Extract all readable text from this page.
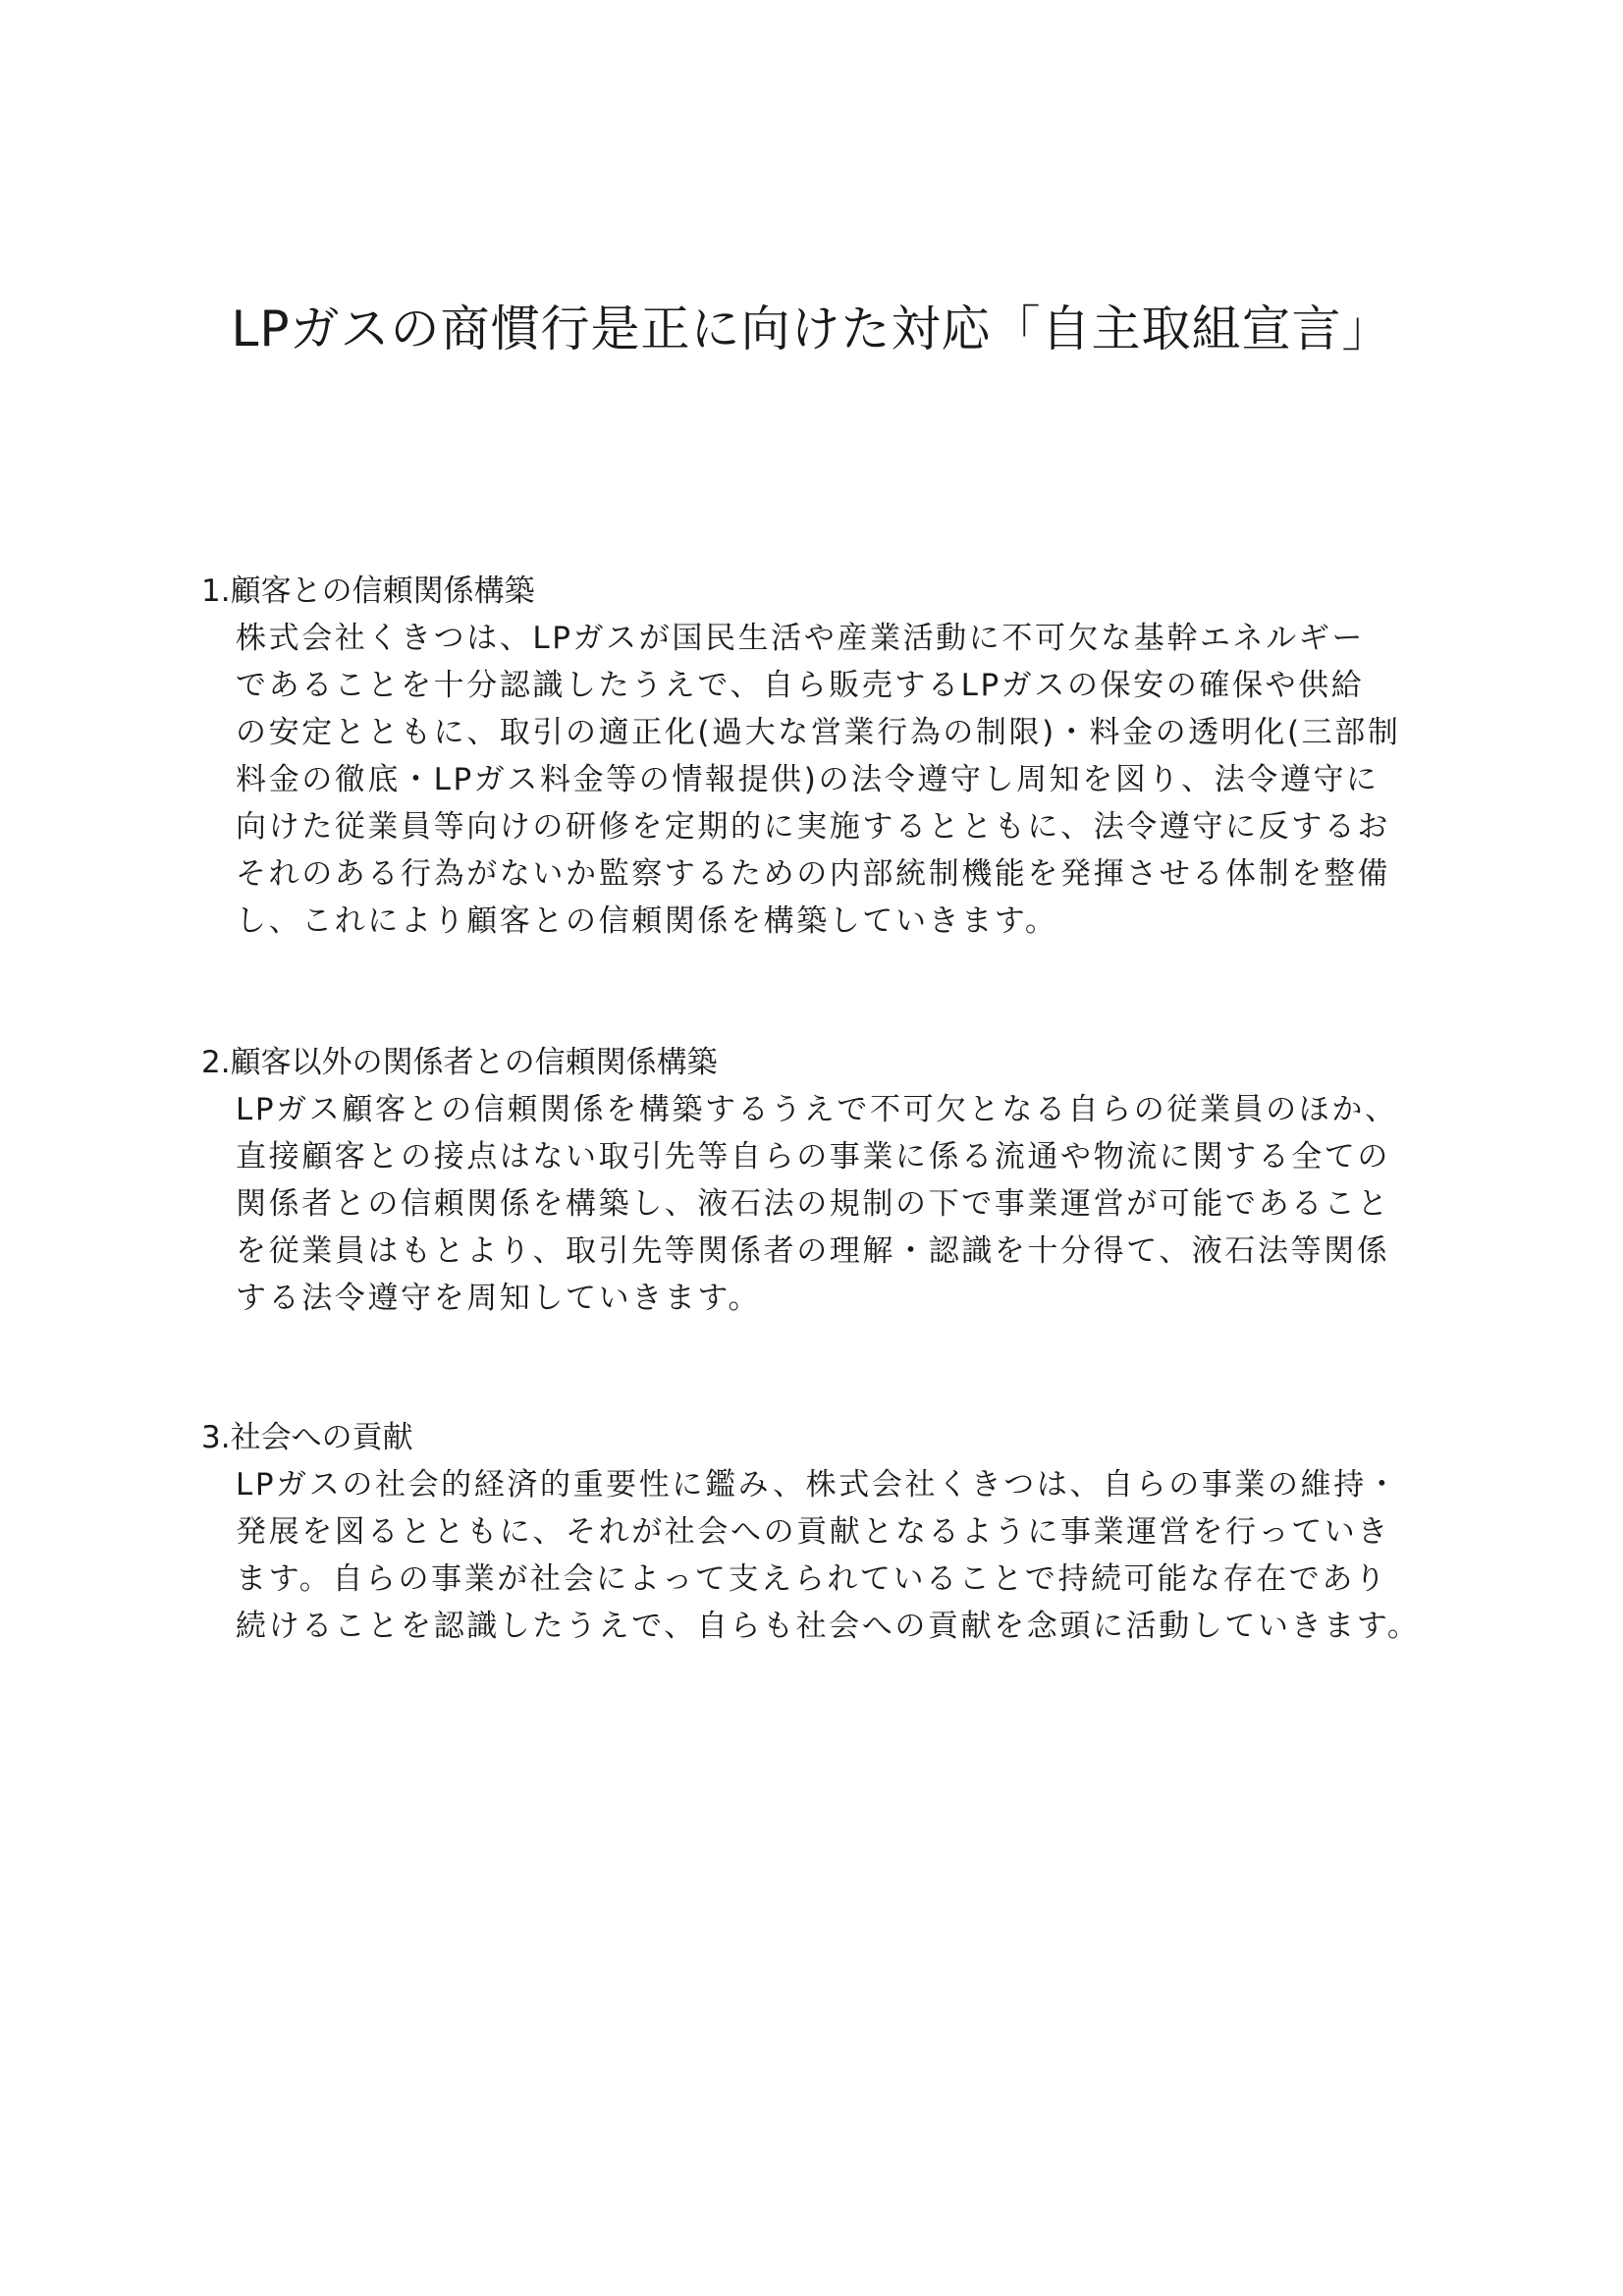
LPガスの商慣行是正に向けた対応「自主取組宣言」
1.顧客との信頼関係構築

株式会社くきつは、LPガスが国民生活や産業活動に不可欠な基幹エネルギー
であることを十分認識したうえで、自ら販売するLPガスの保安の確保や供給
の安定とともに、取引の適正化(過大な営業行為の制限)・料金の透明化(三部制
料金の徹底・LPガス料金等の情報提供)の法令遵守し周知を図り、法令遵守に
向けた従業員等向けの研修を定期的に実施するとともに、法令遵守に反するお
それのある行為がないか監察するための内部統制機能を発揮させる体制を整備
し、これにより顧客との信頼関係を構築していきます。

2.顧客以外の関係者との信頼関係構築

LPガス顧客との信頼関係を構築するうえで不可欠となる自らの従業員のほか、
直接顧客との接点はない取引先等自らの事業に係る流通や物流に関する全ての
関係者との信頼関係を構築し、液石法の規制の下で事業運営が可能であること
を従業員はもとより、取引先等関係者の理解・認識を十分得て、液石法等関係
する法令遵守を周知していきます。

3.社会への貢献

LPガスの社会的経済的重要性に鑑み、株式会社くきつは、自らの事業の維持・
発展を図るとともに、それが社会への貢献となるように事業運営を行っていき
ます。自らの事業が社会によって支えられていることで持続可能な存在であり
続けることを認識したうえで、自らも社会への貢献を念頭に活動していきます。
